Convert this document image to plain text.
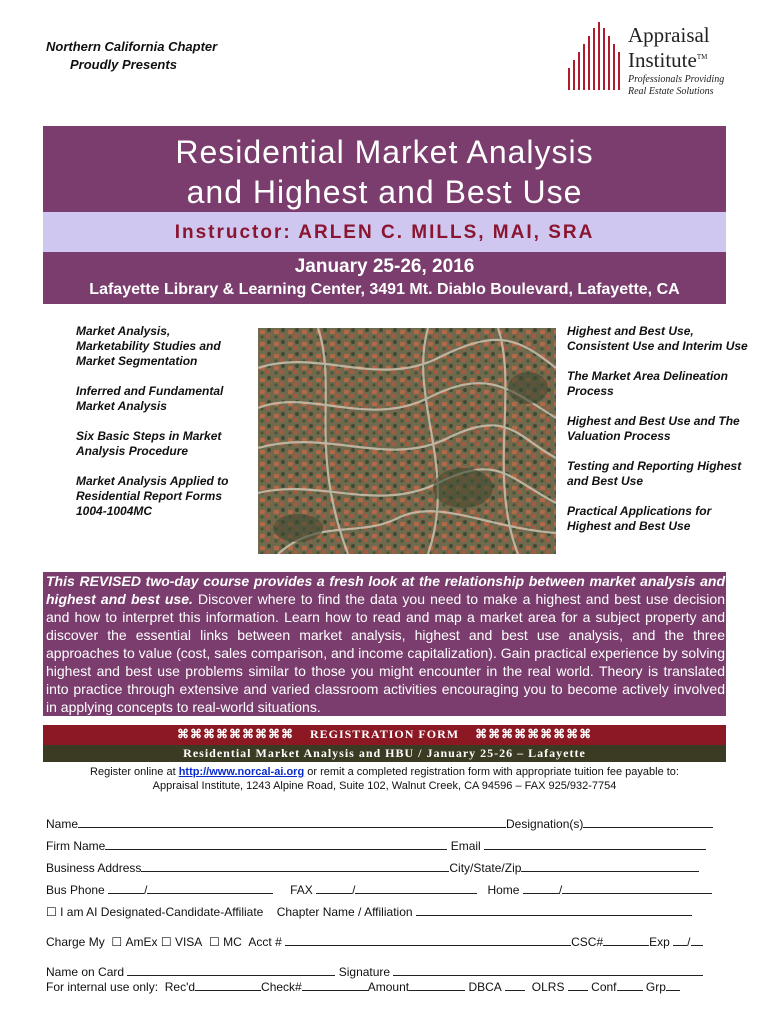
Northern California Chapter
Proudly Presents
Appraisal
Institute™
Professionals Providing
Real Estate Solutions
Residential Market Analysis
and Highest and Best Use
Instructor: ARLEN C. MILLS, MAI, SRA
January 25-26, 2016
Lafayette Library & Learning Center, 3491 Mt. Diablo Boulevard, Lafayette, CA
Market Analysis, Marketability Studies and Market Segmentation
Inferred and Fundamental Market Analysis
Six Basic Steps in Market Analysis Procedure
Market Analysis Applied to Residential Report Forms 1004-1004MC
Highest and Best Use, Consistent Use and Interim Use
The Market Area Delineation Process
Highest and Best Use and The Valuation Process
Testing and Reporting Highest and Best Use
Practical Applications for Highest and Best Use
This REVISED two-day course provides a fresh look at the relationship between market analysis and highest and best use. Discover where to find the data you need to make a highest and best use decision and how to interpret this information. Learn how to read and map a market area for a subject property and discover the essential links between market analysis, highest and best use analysis, and the three approaches to value (cost, sales comparison, and income capitalization). Gain practical experience by solving highest and best use problems similar to those you might encounter in the real world. Theory is translated into practice through extensive and varied classroom activities encouraging you to become actively involved in applying concepts to real-world situations.
⌘⌘⌘⌘⌘⌘⌘⌘⌘ REGISTRATION FORM ⌘⌘⌘⌘⌘⌘⌘⌘⌘
Residential Market Analysis and HBU / January 25-26 – Lafayette
Register online at http://www.norcal-ai.org or remit a completed registration form with appropriate tuition fee payable to:
Appraisal Institute, 1243 Alpine Road, Suite 102, Walnut Creek, CA 94596 – FAX 925/932-7754
Name	Designation(s)
Firm Name	Email
Business Address	City/State/Zip
Bus Phone	/	FAX	/	Home	/
☐ I am AI Designated-Candidate-Affiliate Chapter Name / Affiliation
Charge My ☐ AmEx ☐ VISA ☐ MC Acct #	CSC#	Exp /
Name on Card	Signature
For internal use only: Rec'd	Check#	Amount	DBCA	OLRS Conf Grp
